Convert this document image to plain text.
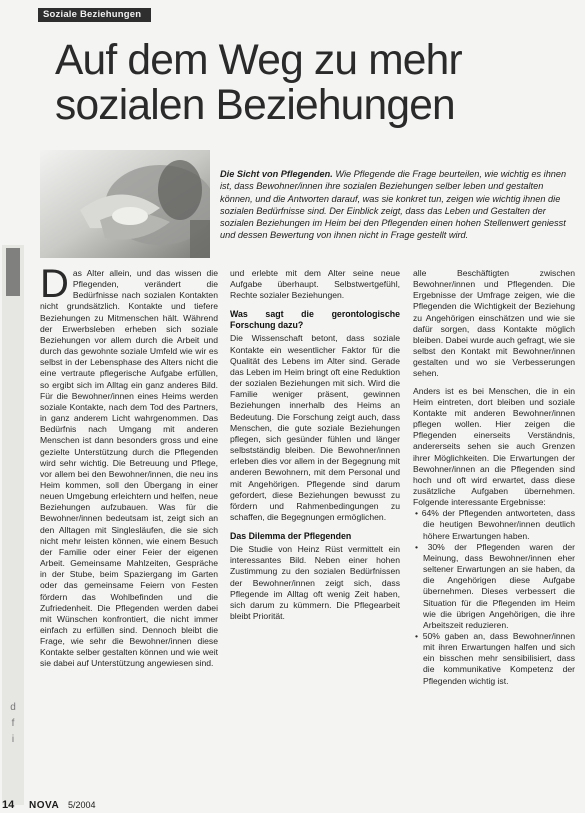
Soziale Beziehungen
Auf dem Weg zu mehr
sozialen Beziehungen
Die Sicht von Pflegenden. Wie Pflegende die Frage beurteilen, wie wichtig es ihnen ist, dass Bewohner/innen ihre sozialen Beziehungen selber leben und gestalten können, und die Antworten darauf, was sie konkret tun, zeigen wie wichtig ihnen die sozialen Bedürfnisse sind. Der Einblick zeigt, dass das Leben und Gestalten der sozialen Beziehungen im Heim bei den Pflegenden einen hohen Stellenwert geniesst und dessen Bewertung von ihnen nicht in Frage gestellt wird.
d
f
i

Das Alter allein, und das wissen die Pflegenden, verändert die Bedürfnisse nach sozialen Kontakten nicht grundsätzlich. Kontakte und tiefere Beziehungen zu Mitmenschen hält. Während der Erwerbsleben erheben sich soziale Beziehungen vor allem durch die Arbeit und durch das gewohnte soziale Umfeld wie wir es selbst in der Lebensphase des Alters nicht die eine vertraute pflegerische Aufgabe erfüllen, so ergibt sich im Alltag ein ganz anderes Bild. Für die Bewohner/innen eines Heims werden soziale Kontakte, nach dem Tod des Partners, in ganz anderem Licht wahrgenommen. Das Bedürfnis nach Umgang mit anderen Menschen ist dann besonders gross und eine gezielte Unterstützung durch die Pflegenden wird sehr wichtig. Die Betreuung und Pflege, vor allem bei den Bewohner/innen, die neu ins Heim kommen, soll den Übergang in einer neuen Umgebung erleichtern und helfen, neue Beziehungen aufzubauen. Was für die Bewohner/innen bedeutsam ist, zeigt sich an den Alltagen mit Singlesläufen, die sie sich nicht mehr leisten können, wie einem Besuch der Familie oder einer Feier der eigenen Arbeit. Gemeinsame Mahlzeiten, Gespräche in der Stube, beim Spaziergang im Garten oder das gemeinsame Feiern von Festen fördern das Wohlbefinden und die Zufriedenheit. Die Pflegenden werden dabei mit Wünschen konfrontiert, die nicht immer einfach zu erfüllen sind. Dennoch bleibt die Frage, wie sehr die Bewohner/innen diese Kontakte selber gestalten können und wie weit sie dabei auf Unterstützung angewiesen sind.

und erlebte mit dem Alter seine neue Aufgabe überhaupt. Selbstwertgefühl, Rechte sozialer Beziehungen.

Was sagt die gerontologische Forschung dazu?

Die Wissenschaft betont, dass soziale Kontakte ein wesentlicher Faktor für die Qualität des Lebens im Alter sind. Gerade das Leben im Heim bringt oft eine Reduktion der sozialen Beziehungen mit sich. Wird die Familie weniger präsent, gewinnen Beziehungen innerhalb des Heims an Bedeutung. Die Forschung zeigt auch, dass Menschen, die gute soziale Beziehungen pflegen, sich gesünder fühlen und länger selbstständig bleiben. Die Bewohner/innen erleben dies vor allem in der Begegnung mit anderen Bewohnern, mit dem Personal und mit Angehörigen. Pflegende sind darum gefordert, diese Beziehungen bewusst zu fördern und Rahmenbedingungen zu schaffen, die Begegnungen ermöglichen.

Das Dilemma der Pflegenden

Die Studie von Heinz Rüst vermittelt ein interessantes Bild. Neben einer hohen Zustimmung zu den sozialen Bedürfnissen der Bewohner/innen zeigt sich, dass Pflegende im Alltag oft wenig Zeit haben, sich darum zu kümmern. Die Pflegearbeit bleibt Priorität.

alle Beschäftigten zwischen Bewohner/innen und Pflegenden. Die Ergebnisse der Umfrage zeigen, wie die Pflegenden die Wichtigkeit der Beziehung zu Angehörigen einschätzen und wie sie dafür sorgen, dass Kontakte möglich bleiben. Dabei wurde auch gefragt, wie sie selbst den Kontakt mit Bewohner/innen gestalten und wo sie Verbesserungen sehen.

Anders ist es bei Menschen, die in ein Heim eintreten, dort bleiben und soziale Kontakte mit anderen Bewohner/innen pflegen wollen. Hier zeigen die Pflegenden einerseits Verständnis, andererseits sehen sie auch Grenzen ihrer Möglichkeiten. Die Erwartungen der Bewohner/innen an die Pflegenden sind hoch und oft wird erwartet, dass diese zusätzliche Aufgaben übernehmen. Folgende interessante Ergebnisse:

• 64% der Pflegenden antworteten, dass die heutigen Bewohner/innen deutlich höhere Erwartungen haben.

• 30% der Pflegenden waren der Meinung, dass Bewohner/innen eher seltener Erwartungen an sie haben, da die Angehörigen diese Aufgabe übernehmen. Dieses verbessert die Situation für die Pflegenden im Heim wie die übrigen Angehörigen, die ihre Arbeitszeit reduzieren.

• 50% gaben an, dass Bewohner/innen mit ihren Erwartungen halfen und sich ein bisschen mehr sensibilisiert, dass die kommunikative Kompetenz der Pflegenden wichtig ist.

14 NOVA 5/2004
